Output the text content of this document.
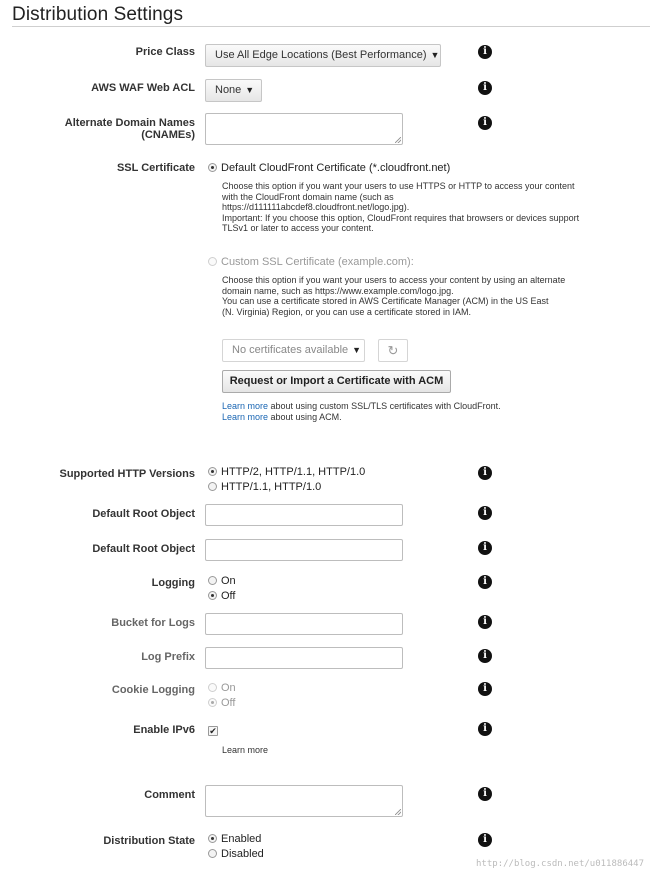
Distribution Settings
Price Class	Use All Edge Locations (Best Performance) ▼	i
AWS WAF Web ACL	None ▼	i
Alternate Domain Names
(CNAMEs)
i
SSL Certificate	Default CloudFront Certificate (*.cloudfront.net)
Choose this option if you want your users to use HTTPS or HTTP to access your content
with the CloudFront domain name (such as
https://d111111abcdef8.cloudfront.net/logo.jpg).
Important: If you choose this option, CloudFront requires that browsers or devices support
TLSv1 or later to access your content.
Custom SSL Certificate (example.com):
Choose this option if you want your users to access your content by using an alternate
domain name, such as https://www.example.com/logo.jpg.
You can use a certificate stored in AWS Certificate Manager (ACM) in the US East
(N. Virginia) Region, or you can use a certificate stored in IAM.
No certificates available ▼	↻
Request or Import a Certificate with ACM
Learn more about using custom SSL/TLS certificates with CloudFront.
Learn more about using ACM.
Supported HTTP Versions	HTTP/2, HTTP/1.1, HTTP/1.0
HTTP/1.1, HTTP/1.0
i
Default Root Object	i
Default Root Object	i
Logging	On
Off
i
Bucket for Logs	i
Log Prefix	i
Cookie Logging	On
Off
i
Enable IPv6 ✔
Learn more
i
Comment	i
Distribution State	Enabled
Disabled
i
http://blog.csdn.net/u011886447
